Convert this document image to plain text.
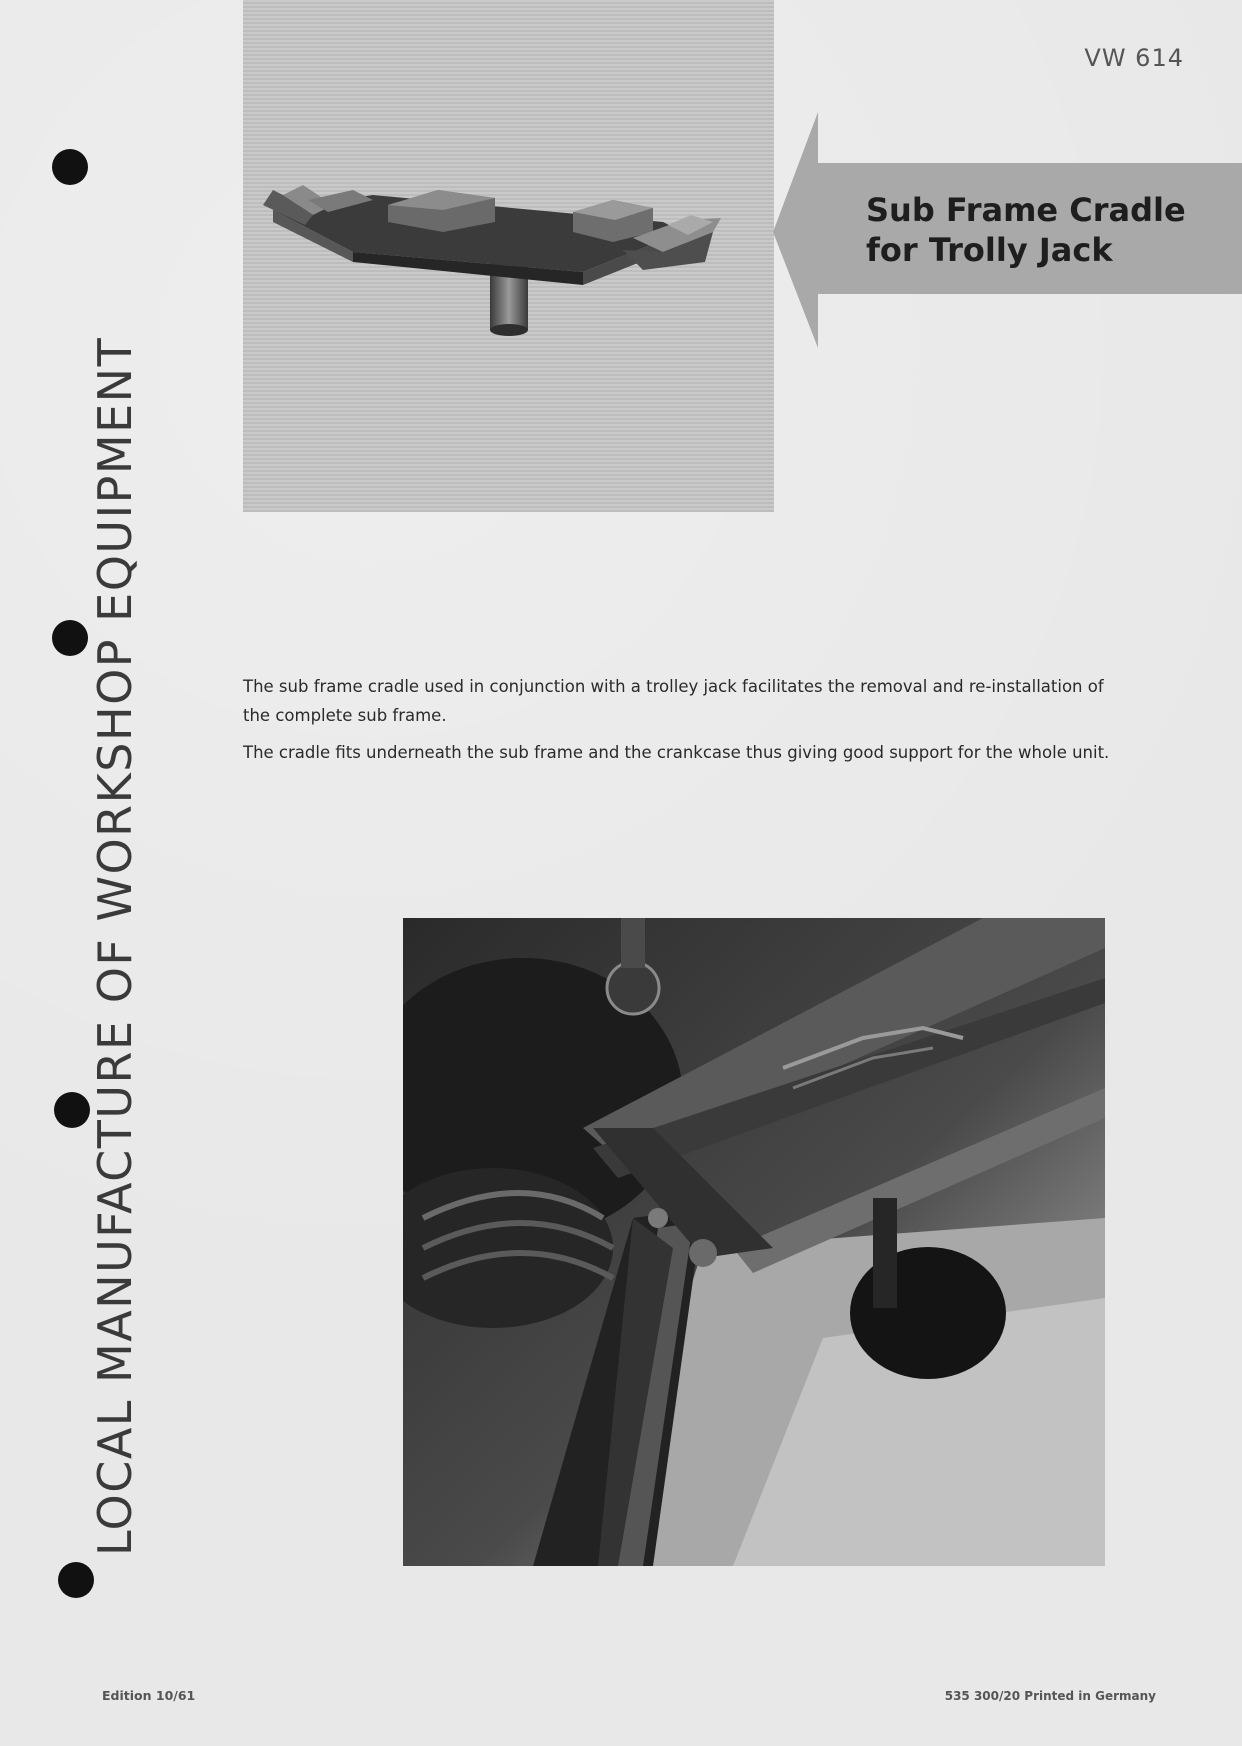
LOCAL MANUFACTURE OF WORKSHOP EQUIPMENT
VW 614
Sub Frame Cradle
for Trolly Jack

The sub frame cradle used in conjunction with a trolley jack facilitates the removal and re-installation of the complete sub frame.

The cradle fits underneath the sub frame and the crankcase thus giving good support for the whole unit.

Edition 10/61	535 300/20 Printed in Germany
